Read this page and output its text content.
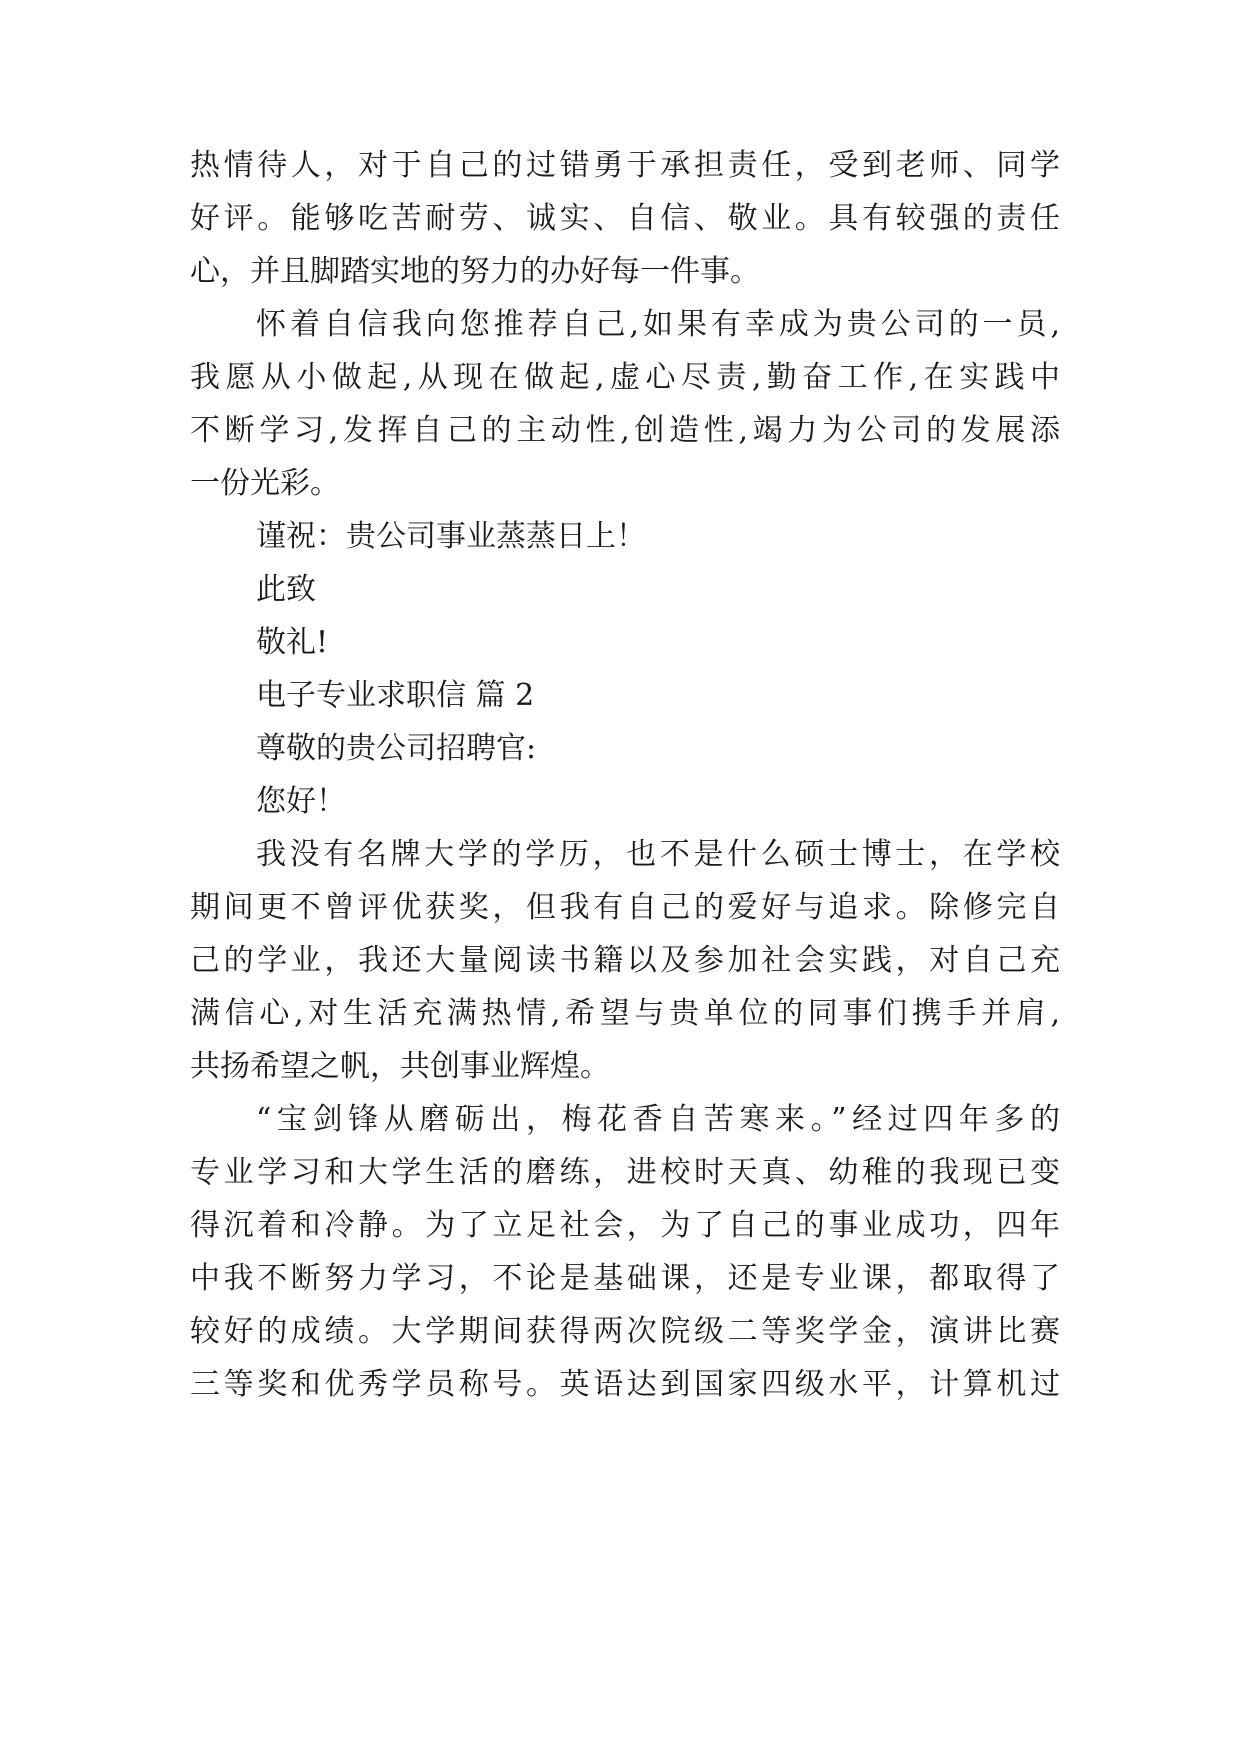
热情待人，对于自己的过错勇于承担责任，受到老师、同学
好评。能够吃苦耐劳、诚实、自信、敬业。具有较强的责任
心，并且脚踏实地的努力的办好每一件事。
怀着自信我向您推荐自己,如果有幸成为贵公司的一员,
我愿从小做起,从现在做起,虚心尽责,勤奋工作,在实践中
不断学习,发挥自己的主动性,创造性,竭力为公司的发展添
一份光彩。
谨祝：贵公司事业蒸蒸日上！
此致
敬礼!
电子专业求职信 篇 2
尊敬的贵公司招聘官:
您好！
我没有名牌大学的学历，也不是什么硕士博士，在学校
期间更不曾评优获奖，但我有自己的爱好与追求。除修完自
己的学业，我还大量阅读书籍以及参加社会实践，对自己充
满信心,对生活充满热情,希望与贵单位的同事们携手并肩,
共扬希望之帆，共创事业辉煌。
“宝剑锋从磨砺出，梅花香自苦寒来。”经过四年多的
专业学习和大学生活的磨练，进校时天真、幼稚的我现已变
得沉着和冷静。为了立足社会，为了自己的事业成功，四年
中我不断努力学习，不论是基础课，还是专业课，都取得了
较好的成绩。大学期间获得两次院级二等奖学金，演讲比赛
三等奖和优秀学员称号。英语达到国家四级水平，计算机过
